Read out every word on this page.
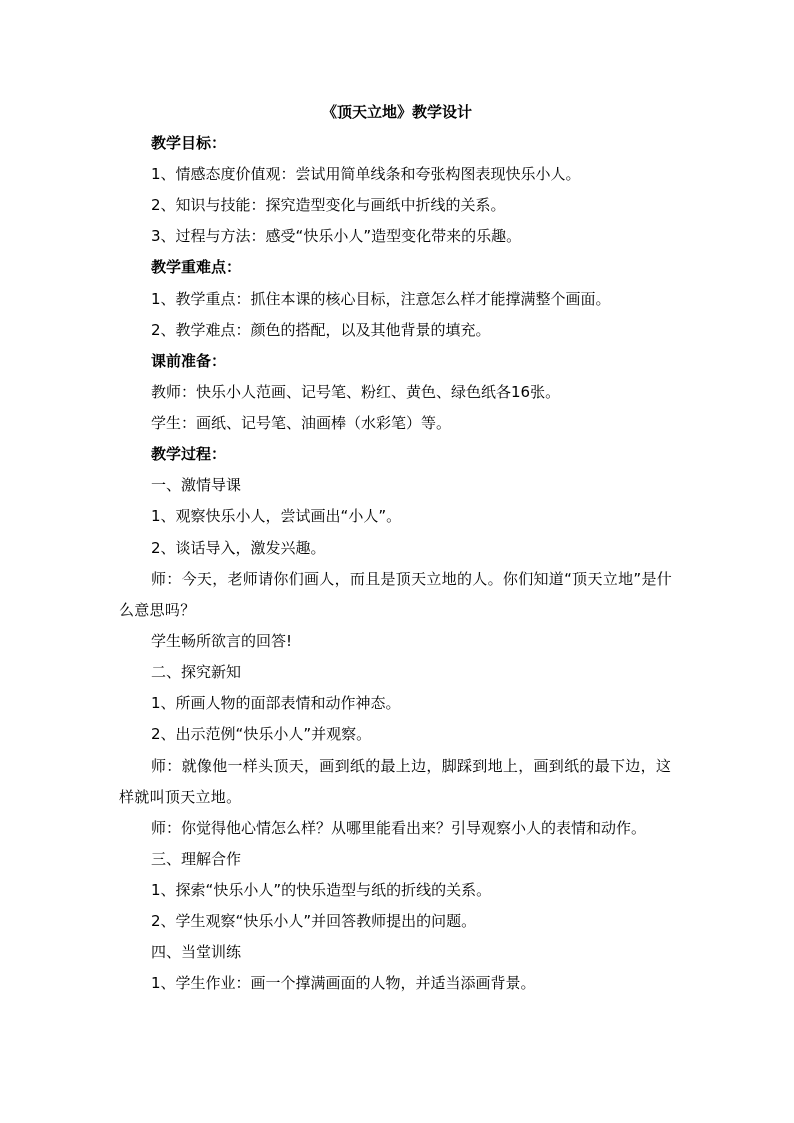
《顶天立地》教学设计
教学目标：
1、情感态度价值观：尝试用简单线条和夸张构图表现快乐小人。
2、知识与技能：探究造型变化与画纸中折线的关系。
3、过程与方法：感受“快乐小人”造型变化带来的乐趣。
教学重难点：
1、教学重点：抓住本课的核心目标，注意怎么样才能撑满整个画面。
2、教学难点：颜色的搭配，以及其他背景的填充。
课前准备：
教师：快乐小人范画、记号笔、粉红、黄色、绿色纸各16张。
学生：画纸、记号笔、油画棒（水彩笔）等。
教学过程：
一、激情导课
1、观察快乐小人，尝试画出“小人”。
2、谈话导入，激发兴趣。
师：今天，老师请你们画人，而且是顶天立地的人。你们知道“顶天立地”是什么意思吗？
学生畅所欲言的回答!
二、探究新知
1、所画人物的面部表情和动作神态。
2、出示范例“快乐小人”并观察。
师：就像他一样头顶天，画到纸的最上边，脚踩到地上，画到纸的最下边，这样就叫顶天立地。
师：你觉得他心情怎么样？从哪里能看出来？引导观察小人的表情和动作。
三、理解合作
1、探索“快乐小人”的快乐造型与纸的折线的关系。
2、学生观察“快乐小人”并回答教师提出的问题。
四、当堂训练
1、学生作业：画一个撑满画面的人物，并适当添画背景。
